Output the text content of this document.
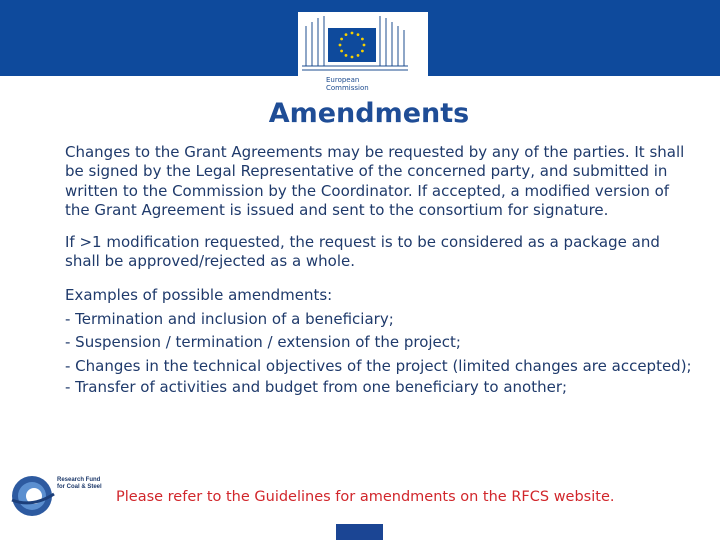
European
Commission
Amendments

Changes to the Grant Agreements may be requested by any of the parties. It shall be signed by the Legal Representative of the concerned party, and submitted in written to the Commission by the Coordinator. If accepted, a modified version of the Grant Agreement is issued and sent to the consortium for signature.

If >1 modification requested, the request is to be considered as a package and shall be approved/rejected as a whole.

Examples of possible amendments:
- Termination and inclusion of a beneficiary;
- Suspension / termination / extension of the project;
- Changes in the technical objectives of the project (limited changes are accepted);
- Transfer of activities and budget from one beneficiary to another;
Research Fund
for Coal & Steel
Please refer to the Guidelines for amendments on the RFCS website.
